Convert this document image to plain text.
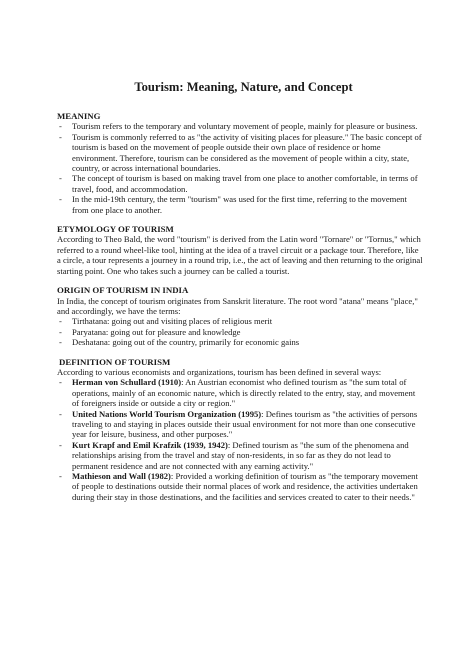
Tourism: Meaning, Nature, and Concept

MEANING

- Tourism refers to the temporary and voluntary movement of people, mainly for pleasure or business.
- Tourism is commonly referred to as "the activity of visiting places for pleasure." The basic concept of tourism is based on the movement of people outside their own place of residence or home environment. Therefore, tourism can be considered as the movement of people within a city, state, country, or across international boundaries.
- The concept of tourism is based on making travel from one place to another comfortable, in terms of travel, food, and accommodation.
- In the mid-19th century, the term "tourism" was used for the first time, referring to the movement from one place to another.

ETYMOLOGY OF TOURISM

According to Theo Bald, the word "tourism" is derived from the Latin word "Tornare" or "Tornus," which referred to a round wheel-like tool, hinting at the idea of a travel circuit or a package tour. Therefore, like a circle, a tour represents a journey in a round trip, i.e., the act of leaving and then returning to the original starting point. One who takes such a journey can be called a tourist.

ORIGIN OF TOURISM IN INDIA

In India, the concept of tourism originates from Sanskrit literature. The root word "atana" means "place," and accordingly, we have the terms:

- Tirthatana: going out and visiting places of religious merit
- Paryatana: going out for pleasure and knowledge
- Deshatana: going out of the country, primarily for economic gains

DEFINITION OF TOURISM

According to various economists and organizations, tourism has been defined in several ways:

- Herman von Schullard (1910): An Austrian economist who defined tourism as "the sum total of operations, mainly of an economic nature, which is directly related to the entry, stay, and movement of foreigners inside or outside a city or region."
- United Nations World Tourism Organization (1995): Defines tourism as "the activities of persons traveling to and staying in places outside their usual environment for not more than one consecutive year for leisure, business, and other purposes."
- Kurt Krapf and Emil Krafzik (1939, 1942): Defined tourism as "the sum of the phenomena and relationships arising from the travel and stay of non-residents, in so far as they do not lead to permanent residence and are not connected with any earning activity."
- Mathieson and Wall (1982): Provided a working definition of tourism as "the temporary movement of people to destinations outside their normal places of work and residence, the activities undertaken during their stay in those destinations, and the facilities and services created to cater to their needs."
